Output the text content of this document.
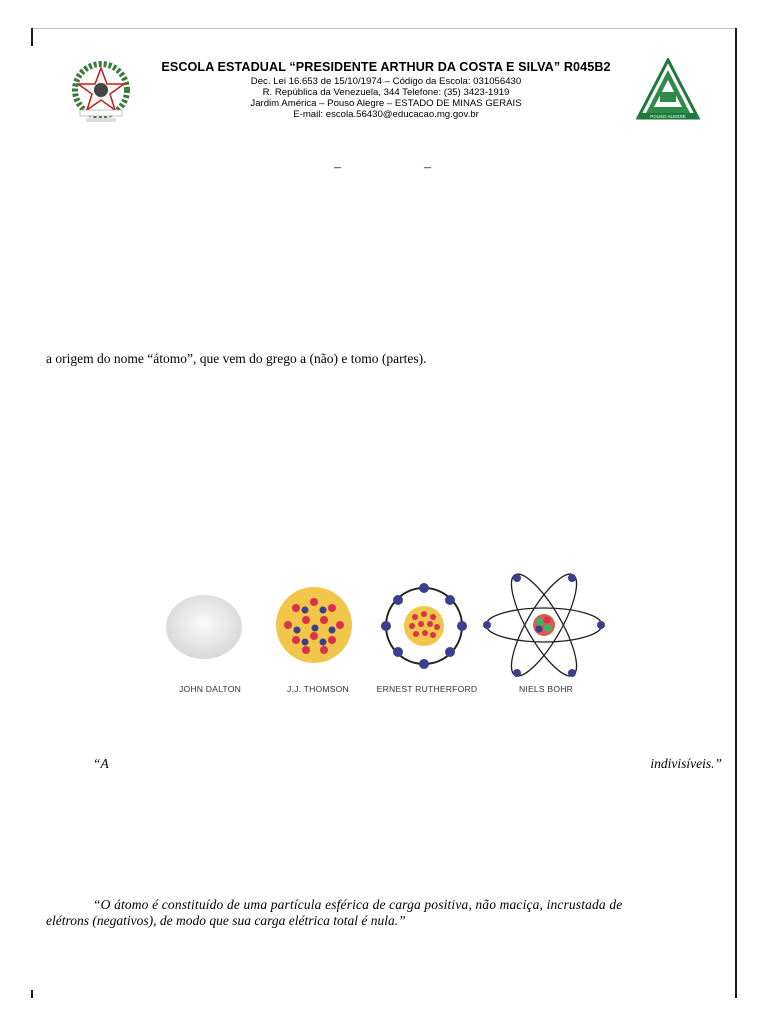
ESCOLA ESTADUAL “PRESIDENTE ARTHUR DA COSTA E SILVA” R045B2
Dec. Lei 16.653 de 15/10/1974 – Código da Escola: 031056430
R. República da Venezuela, 344 Telefone: (35) 3423-1919
Jardim América – Pouso Alegre – ESTADO DE MINAS GERAIS
E-mail: escola.56430@educacao.mg.gov.br	POUSO ALEGRE
–	–
a origem do nome “átomo”, que vem do grego a (não) e tomo (partes).
JOHN DALTON	J.J. THOMSON	ERNEST RUTHERFORD	NIELS BOHR
“A	indivisíveis.”
“O átomo é constituído de uma partícula esférica de carga positiva, não maciça, incrustada de
elétrons (negativos), de modo que sua carga elétrica total é nula.”
